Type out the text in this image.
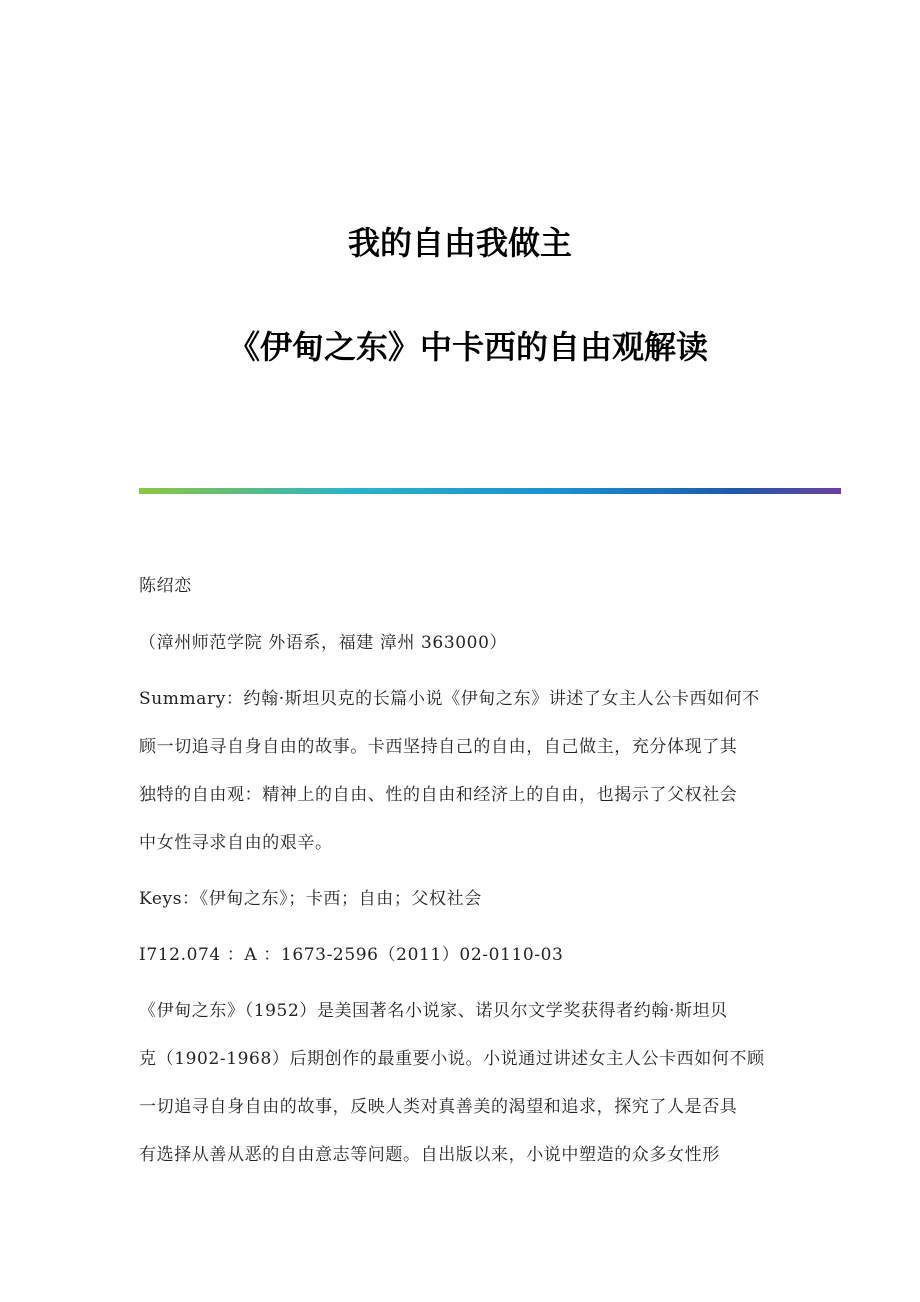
我的自由我做主
《伊甸之东》中卡西的自由观解读
陈绍恋
（漳州师范学院 外语系，福建 漳州 363000）
Summary：约翰·斯坦贝克的长篇小说《伊甸之东》讲述了女主人公卡西如何不
顾一切追寻自身自由的故事。卡西坚持自己的自由，自己做主，充分体现了其
独特的自由观：精神上的自由、性的自由和经济上的自由，也揭示了父权社会
中女性寻求自由的艰辛。
Keys：《伊甸之东》；卡西；自由；父权社会
I712.074 ：A ：1673-2596（2011）02-0110-03
《伊甸之东》（1952）是美国著名小说家、诺贝尔文学奖获得者约翰·斯坦贝
克（1902-1968）后期创作的最重要小说。小说通过讲述女主人公卡西如何不顾
一切追寻自身自由的故事，反映人类对真善美的渴望和追求，探究了人是否具
有选择从善从恶的自由意志等问题。自出版以来，小说中塑造的众多女性形
